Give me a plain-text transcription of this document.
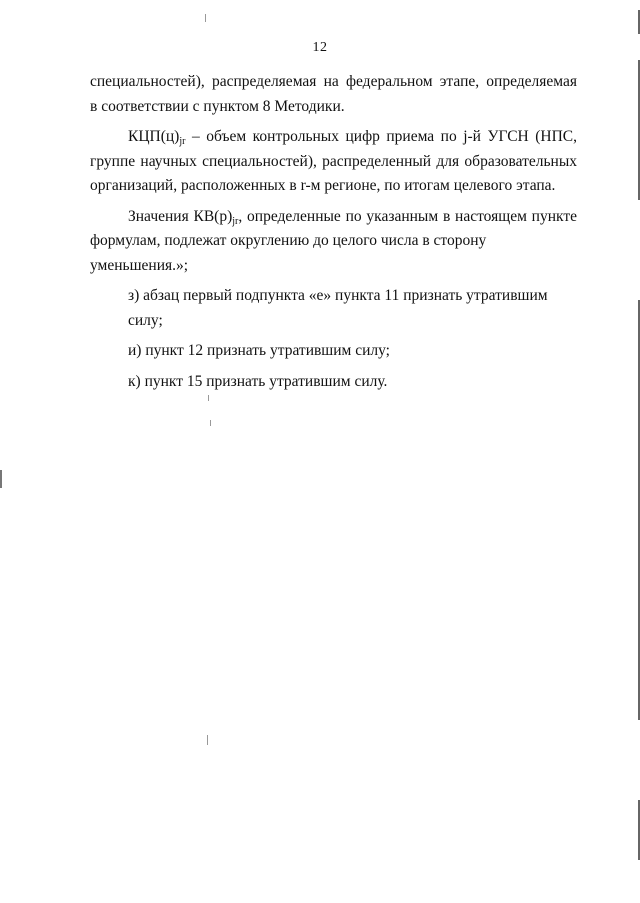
12

специальностей), распределяемая на федеральном этапе, определяемая
в соответствии с пунктом 8 Методики.

$КЦП(ц)_{jr}$ – объем контрольных цифр приема по j-й УГСН (НПС,
группе научных специальностей), распределенный для образовательных
организаций, расположенных в r-м регионе, по итогам целевого этапа.

Значения $КВ(р)_{jr}$, определенные по указанным в настоящем пункте
формулам, подлежат округлению до целого числа в сторону уменьшения.»;

з) абзац первый подпункта «е» пункта 11 признать утратившим силу;

и) пункт 12 признать утратившим силу;

к) пункт 15 признать утратившим силу.
